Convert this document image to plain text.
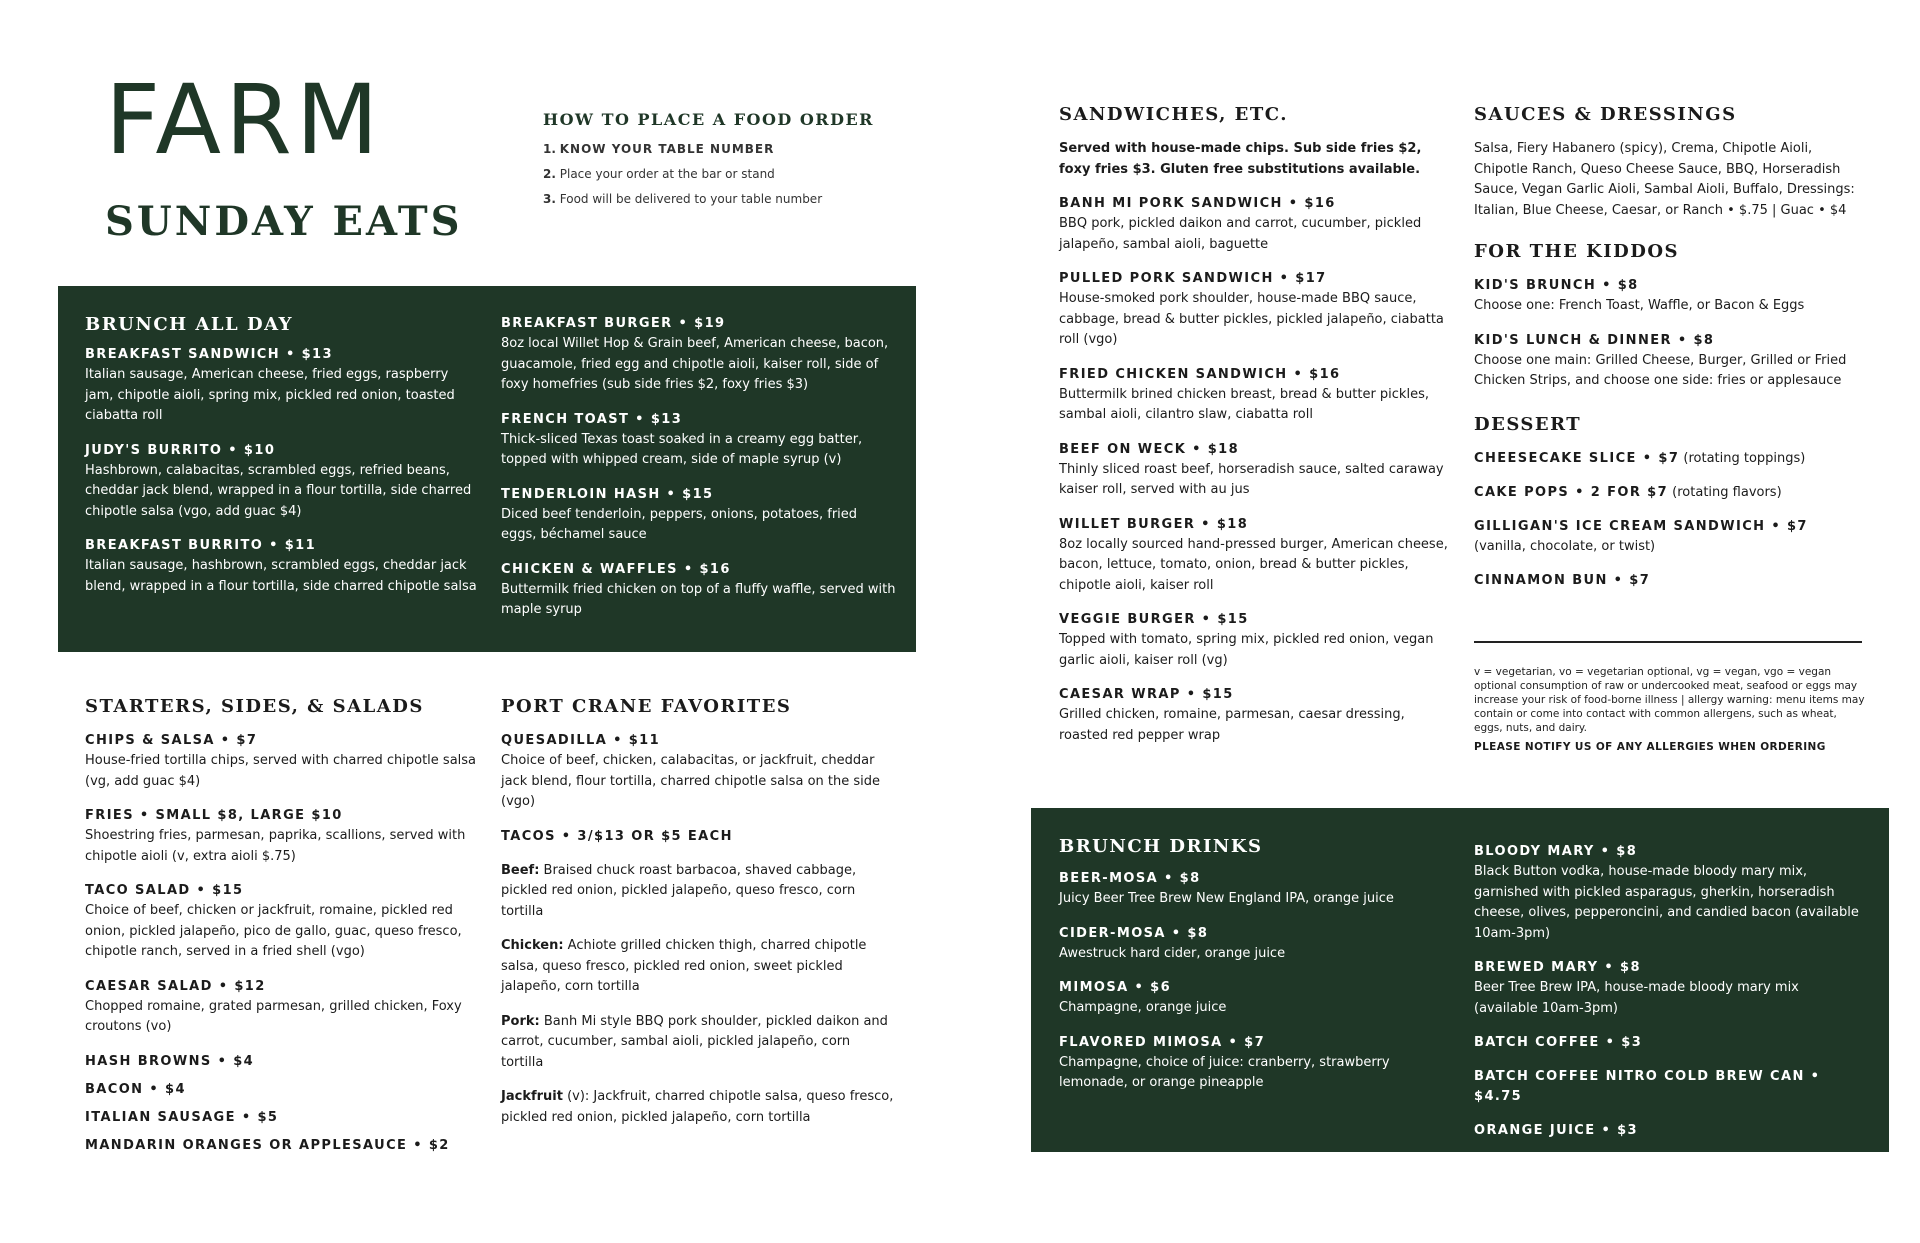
FARM
SUNDAY EATS
HOW TO PLACE A FOOD ORDER
1. KNOW YOUR TABLE NUMBER
2. Place your order at the bar or stand
3. Food will be delivered to your table number
BRUNCH ALL DAY
BREAKFAST SANDWICH • $13
Italian sausage, American cheese, fried eggs, raspberry jam, chipotle aioli, spring mix, pickled red onion, toasted ciabatta roll
JUDY'S BURRITO • $10
Hashbrown, calabacitas, scrambled eggs, refried beans, cheddar jack blend, wrapped in a flour tortilla, side charred chipotle salsa (vgo, add guac $4)
BREAKFAST BURRITO • $11
Italian sausage, hashbrown, scrambled eggs, cheddar jack blend, wrapped in a flour tortilla, side charred chipotle salsa
BREAKFAST BURGER • $19
8oz local Willet Hop & Grain beef, American cheese, bacon, guacamole, fried egg and chipotle aioli, kaiser roll, side of foxy homefries (sub side fries $2, foxy fries $3)
FRENCH TOAST • $13
Thick-sliced Texas toast soaked in a creamy egg batter, topped with whipped cream, side of maple syrup (v)
TENDERLOIN HASH • $15
Diced beef tenderloin, peppers, onions, potatoes, fried eggs, béchamel sauce
CHICKEN & WAFFLES • $16
Buttermilk fried chicken on top of a fluffy waffle, served with maple syrup
STARTERS, SIDES, & SALADS
CHIPS & SALSA • $7
House-fried tortilla chips, served with charred chipotle salsa (vg, add guac $4)
FRIES • SMALL $8, LARGE $10
Shoestring fries, parmesan, paprika, scallions, served with chipotle aioli (v, extra aioli $.75)
TACO SALAD • $15
Choice of beef, chicken or jackfruit, romaine, pickled red onion, pickled jalapeño, pico de gallo, guac, queso fresco, chipotle ranch, served in a fried shell (vgo)
CAESAR SALAD • $12
Chopped romaine, grated parmesan, grilled chicken, Foxy croutons (vo)
HASH BROWNS • $4
BACON • $4
ITALIAN SAUSAGE • $5
MANDARIN ORANGES OR APPLESAUCE • $2
PORT CRANE FAVORITES
QUESADILLA • $11
Choice of beef, chicken, calabacitas, or jackfruit, cheddar jack blend, flour tortilla, charred chipotle salsa on the side (vgo)
TACOS • 3/$13 OR $5 EACH
Beef: Braised chuck roast barbacoa, shaved cabbage, pickled red onion, pickled jalapeño, queso fresco, corn tortilla
Chicken: Achiote grilled chicken thigh, charred chipotle salsa, queso fresco, pickled red onion, sweet pickled jalapeño, corn tortilla
Pork: Banh Mi style BBQ pork shoulder, pickled daikon and carrot, cucumber, sambal aioli, pickled jalapeño, corn tortilla
Jackfruit (v): Jackfruit, charred chipotle salsa, queso fresco, pickled red onion, pickled jalapeño, corn tortilla
SANDWICHES, ETC.
Served with house-made chips. Sub side fries $2, foxy fries $3. Gluten free substitutions available.
BANH MI PORK SANDWICH • $16
BBQ pork, pickled daikon and carrot, cucumber, pickled jalapeño, sambal aioli, baguette
PULLED PORK SANDWICH • $17
House-smoked pork shoulder, house-made BBQ sauce, cabbage, bread & butter pickles, pickled jalapeño, ciabatta roll (vgo)
FRIED CHICKEN SANDWICH • $16
Buttermilk brined chicken breast, bread & butter pickles, sambal aioli, cilantro slaw, ciabatta roll
BEEF ON WECK • $18
Thinly sliced roast beef, horseradish sauce, salted caraway kaiser roll, served with au jus
WILLET BURGER • $18
8oz locally sourced hand-pressed burger, American cheese, bacon, lettuce, tomato, onion, bread & butter pickles, chipotle aioli, kaiser roll
VEGGIE BURGER • $15
Topped with tomato, spring mix, pickled red onion, vegan garlic aioli, kaiser roll (vg)
CAESAR WRAP • $15
Grilled chicken, romaine, parmesan, caesar dressing, roasted red pepper wrap
SAUCES & DRESSINGS
Salsa, Fiery Habanero (spicy), Crema, Chipotle Aioli, Chipotle Ranch, Queso Cheese Sauce, BBQ, Horseradish Sauce, Vegan Garlic Aioli, Sambal Aioli, Buffalo, Dressings: Italian, Blue Cheese, Caesar, or Ranch • $.75 | Guac • $4
FOR THE KIDDOS
KID'S BRUNCH • $8
Choose one: French Toast, Waffle, or Bacon & Eggs
KID'S LUNCH & DINNER • $8
Choose one main: Grilled Cheese, Burger, Grilled or Fried Chicken Strips, and choose one side: fries or applesauce
DESSERT
CHEESECAKE SLICE • $7 (rotating toppings)
CAKE POPS • 2 FOR $7 (rotating flavors)
GILLIGAN'S ICE CREAM SANDWICH • $7
(vanilla, chocolate, or twist)
CINNAMON BUN • $7
v = vegetarian, vo = vegetarian optional, vg = vegan, vgo = vegan optional consumption of raw or undercooked meat, seafood or eggs may increase your risk of food-borne illness | allergy warning: menu items may contain or come into contact with common allergens, such as wheat, eggs, nuts, and dairy.
PLEASE NOTIFY US OF ANY ALLERGIES WHEN ORDERING
BRUNCH DRINKS
BEER-MOSA • $8
Juicy Beer Tree Brew New England IPA, orange juice
CIDER-MOSA • $8
Awestruck hard cider, orange juice
MIMOSA • $6
Champagne, orange juice
FLAVORED MIMOSA • $7
Champagne, choice of juice: cranberry, strawberry lemonade, or orange pineapple
BLOODY MARY • $8
Black Button vodka, house-made bloody mary mix, garnished with pickled asparagus, gherkin, horseradish cheese, olives, pepperoncini, and candied bacon (available 10am-3pm)
BREWED MARY • $8
Beer Tree Brew IPA, house-made bloody mary mix (available 10am-3pm)
BATCH COFFEE • $3
BATCH COFFEE NITRO COLD BREW CAN • $4.75
ORANGE JUICE • $3
